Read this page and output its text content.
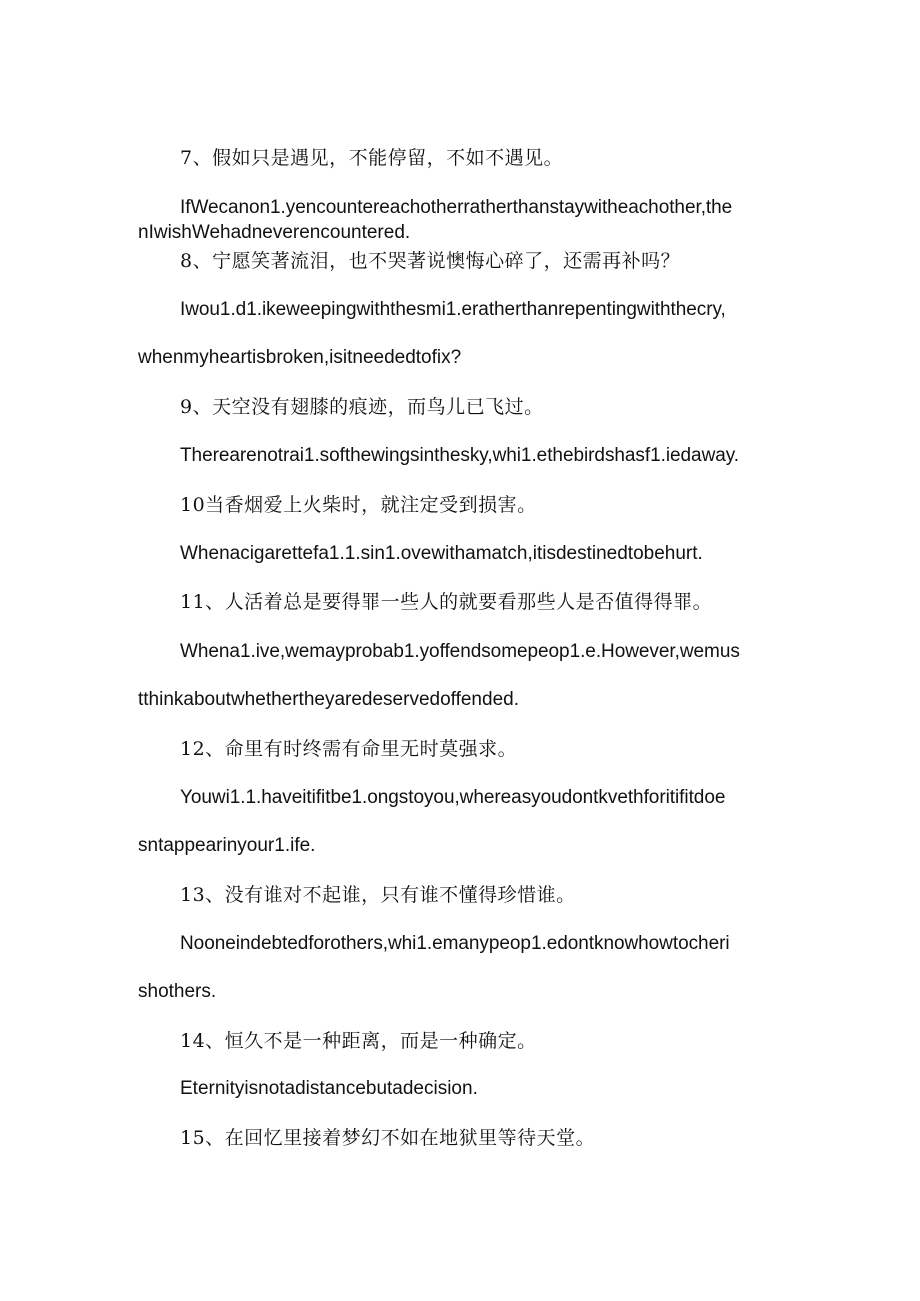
7、假如只是遇见，不能停留，不如不遇见。
IfWecanon1.yencountereachotherratherthanstaywitheachother,the
nIwishWehadneverencountered.
8、宁愿笑著流泪，也不哭著说懊悔心碎了，还需再补吗？
Iwou1.d1.ikeweepingwiththesmi1.eratherthanrepentingwiththecry,
whenmyheartisbroken,isitneededtofix?
9、天空没有翅膝的痕迹，而鸟儿已飞过。
Therearenotrai1.softhewingsinthesky,whi1.ethebirdshasf1.iedaway.
10当香烟爱上火柴时，就注定受到损害。
Whenacigarettefa1.1.sin1.ovewithamatch,itisdestinedtobehurt.
11、人活着总是要得罪一些人的就要看那些人是否值得得罪。
Whena1.ive,wemayprobab1.yoffendsomepeop1.e.However,wemus
tthinkaboutwhethertheyaredeservedoffended.
12、命里有时终需有命里无时莫强求。
Youwi1.1.haveitifitbe1.ongstoyou,whereasyoudontkvethforitifitdoe
sntappearinyour1.ife.
13、没有谁对不起谁，只有谁不懂得珍惜谁。
Nooneindebtedforothers,whi1.emanypeop1.edontknowhowtocheri
shothers.
14、恒久不是一种距离，而是一种确定。
Eternityisnotadistancebutadecision.
15、在回忆里接着梦幻不如在地狱里等待天堂。
